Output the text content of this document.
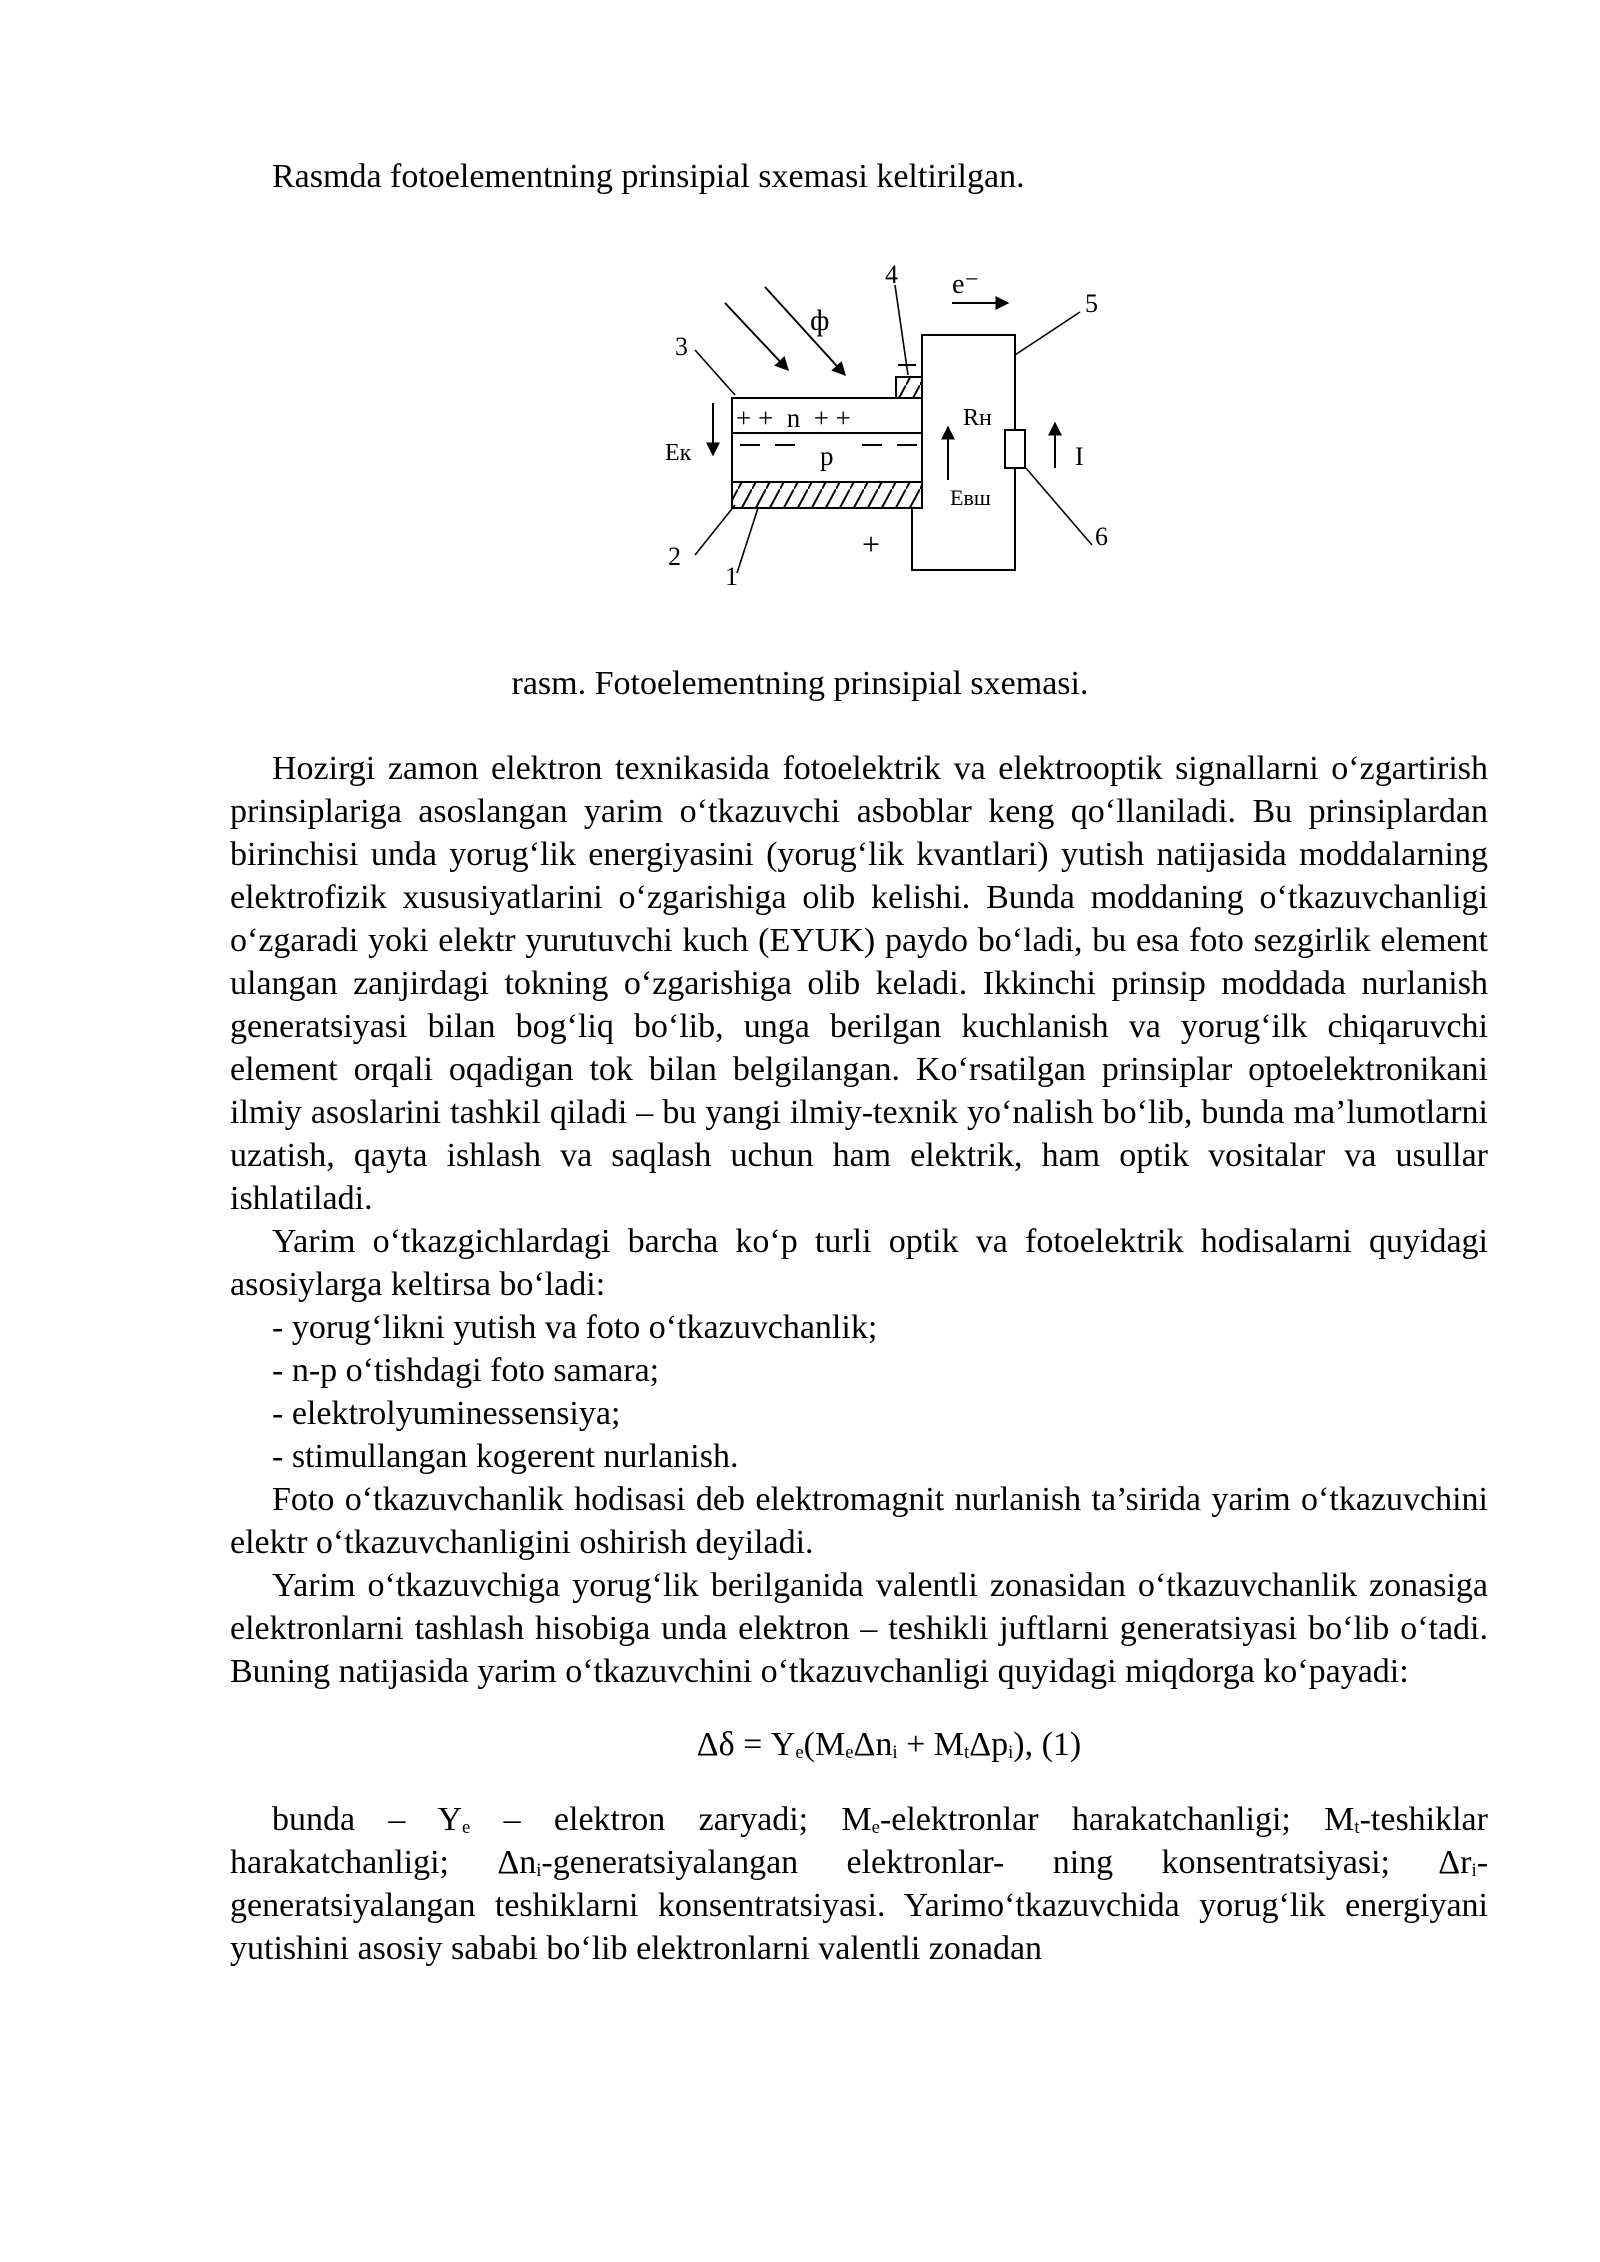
Rasmda fotoelementning prinsipial sxemasi keltirilgan.

3
ф
4 e⁻
5
+ +  n  + +
p
Eк
Rн
Eвш
I
6
2
1
+

rasm. Fotoelementning prinsipial sxemasi.

Hozirgi zamon elektron texnikasida fotoelektrik va elektrooptik signallarni o‘zgartirish prinsiplariga asoslangan yarim o‘tkazuvchi asboblar keng qo‘llaniladi. Bu prinsiplardan birinchisi unda yorug‘lik energiyasini (yorug‘lik kvantlari) yutish natijasida moddalarning elektrofizik xususiyatlarini o‘zgarishiga olib kelishi. Bunda moddaning o‘tkazuvchanligi o‘zgaradi yoki elektr yurutuvchi kuch (EYUK) paydo bo‘ladi, bu esa foto sezgirlik element ulangan zanjirdagi tokning o‘zgarishiga olib keladi. Ikkinchi prinsip moddada nurlanish generatsiyasi bilan bog‘liq bo‘lib, unga berilgan kuchlanish va yorug‘ilk chiqaruvchi element orqali oqadigan tok bilan belgilangan. Ko‘rsatilgan prinsiplar optoelektronikani ilmiy asoslarini tashkil qiladi – bu yangi ilmiy-texnik yo‘nalish bo‘lib, bunda ma’lumotlarni uzatish, qayta ishlash va saqlash uchun ham elektrik, ham optik vositalar va usullar ishlatiladi.

Yarim o‘tkazgichlardagi barcha ko‘p turli optik va fotoelektrik hodisalarni quyidagi asosiylarga keltirsa bo‘ladi:

- yorug‘likni yutish va foto o‘tkazuvchanlik;

- n-p o‘tishdagi foto samara;

- elektrolyuminessensiya;

- stimullangan kogerent nurlanish.

Foto o‘tkazuvchanlik hodisasi deb elektromagnit nurlanish ta’sirida yarim o‘tkazuvchini elektr o‘tkazuvchanligini oshirish deyiladi.

Yarim o‘tkazuvchiga yorug‘lik berilganida valentli zonasidan o‘tkazuvchanlik zonasiga elektronlarni tashlash hisobiga unda elektron – teshikli juftlarni generatsiyasi bo‘lib o‘tadi. Buning natijasida yarim o‘tkazuvchini o‘tkazuvchanligi quyidagi miqdorga ko‘payadi:

$\Delta\delta = Y_e(M_e\Delta n_i + M_t\Delta p_i)$, (1)

bunda – $Y_e$ – elektron zaryadi; $M_e$-elektronlar harakatchanligi; $M_t$-teshiklar harakatchanligi; $\Delta n_i$-generatsiyalangan elektronlar- ning konsentratsiyasi; $\Delta r_i$-generatsiyalangan teshiklarni konsentratsiyasi. Yarimo‘tkazuvchida yorug‘lik energiyani yutishini asosiy sababi bo‘lib elektronlarni valentli zonadan
